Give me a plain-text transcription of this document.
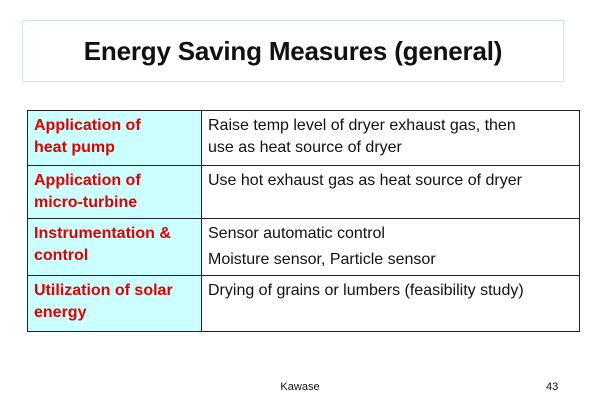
Energy Saving Measures (general)
Application of
heat pump	Raise temp level of dryer exhaust gas, then
use as heat source of dryer

Application of
micro-turbine	Use hot exhaust gas as heat source of dryer

Instrumentation &
control	Sensor automatic control
Moisture sensor, Particle sensor

Utilization of solar
energy	Drying of grains or lumbers (feasibility study)
Kawase	43
